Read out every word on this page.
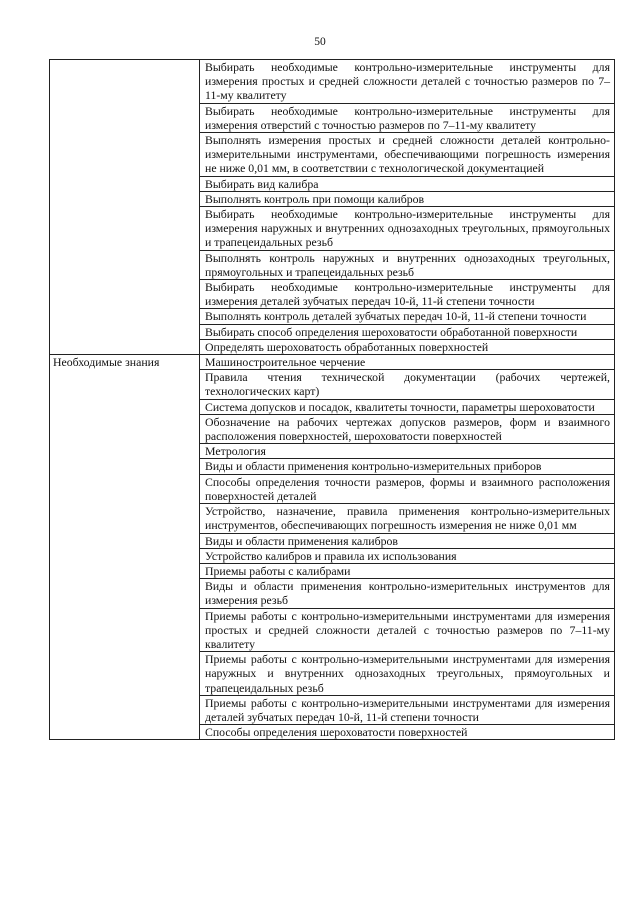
50
	Выбирать необходимые контрольно-измерительные инструменты для измерения простых и средней сложности деталей с точностью размеров по 7–11-му квалитету
	Выбирать необходимые контрольно-измерительные инструменты для измерения отверстий с точностью размеров по 7–11-му квалитету
	Выполнять измерения простых и средней сложности деталей контрольно-измерительными инструментами, обеспечивающими погрешность измерения не ниже 0,01 мм, в соответствии с технологической документацией
	Выбирать вид калибра
	Выполнять контроль при помощи калибров
	Выбирать необходимые контрольно-измерительные инструменты для измерения наружных и внутренних однозаходных треугольных, прямоугольных и трапецеидальных резьб
	Выполнять контроль наружных и внутренних однозаходных треугольных, прямоугольных и трапецеидальных резьб
	Выбирать необходимые контрольно-измерительные инструменты для измерения деталей зубчатых передач 10-й, 11-й степени точности
	Выполнять контроль деталей зубчатых передач 10-й, 11-й степени точности
	Выбирать способ определения шероховатости обработанной поверхности
	Определять шероховатость обработанных поверхностей
Необходимые знания	Машиностроительное черчение
	Правила чтения технической документации (рабочих чертежей, технологических карт)
	Система допусков и посадок, квалитеты точности, параметры шероховатости
	Обозначение на рабочих чертежах допусков размеров, форм и взаимного расположения поверхностей, шероховатости поверхностей
	Метрология
	Виды и области применения контрольно-измерительных приборов
	Способы определения точности размеров, формы и взаимного расположения поверхностей деталей
	Устройство, назначение, правила применения контрольно-измерительных инструментов, обеспечивающих погрешность измерения не ниже 0,01 мм
	Виды и области применения калибров
	Устройство калибров и правила их использования
	Приемы работы с калибрами
	Виды и области применения контрольно-измерительных инструментов для измерения резьб
	Приемы работы с контрольно-измерительными инструментами для измерения простых и средней сложности деталей с точностью размеров по 7–11-му квалитету
	Приемы работы с контрольно-измерительными инструментами для измерения наружных и внутренних однозаходных треугольных, прямоугольных и трапецеидальных резьб
	Приемы работы с контрольно-измерительными инструментами для измерения деталей зубчатых передач 10-й, 11-й степени точности
	Способы определения шероховатости поверхностей
